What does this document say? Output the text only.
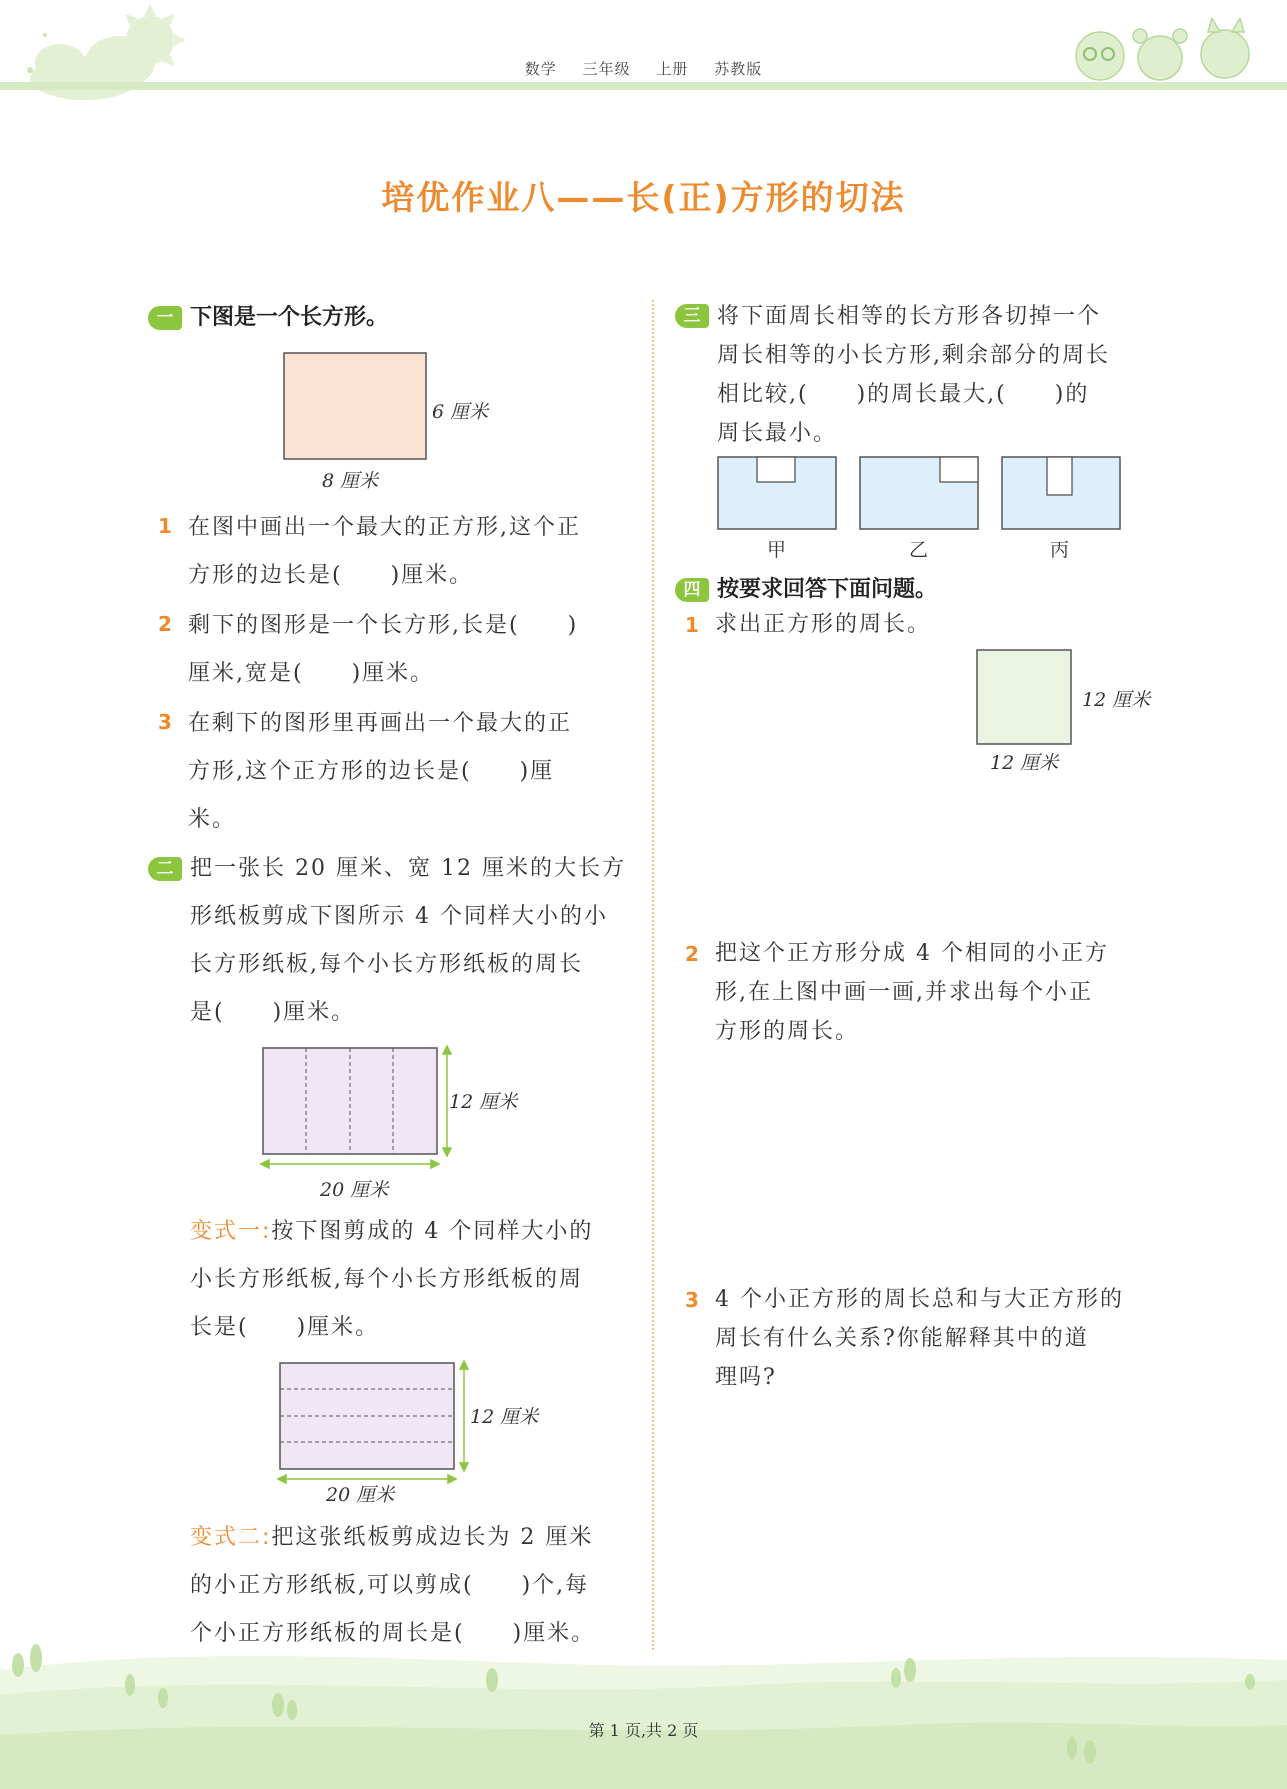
数学 三年级 上册 苏教版
培优作业八——长(正)方形的切法
一 下图是一个长方形。
6 厘米
8 厘米
1 在图中画出一个最大的正方形,这个正
方形的边长是(　　)厘米。
2 剩下的图形是一个长方形,长是(　　)
厘米,宽是(　　)厘米。
3 在剩下的图形里再画出一个最大的正
方形,这个正方形的边长是(　　)厘
米。
二 把一张长 20 厘米、宽 12 厘米的大长方
形纸板剪成下图所示 4 个同样大小的小
长方形纸板,每个小长方形纸板的周长
是(　　)厘米。
12 厘米
20 厘米
变式一:按下图剪成的 4 个同样大小的
小长方形纸板,每个小长方形纸板的周
长是(　　)厘米。
12 厘米
20 厘米
变式二:把这张纸板剪成边长为 2 厘米
的小正方形纸板,可以剪成(　　)个,每
个小正方形纸板的周长是(　　)厘米。
三 将下面周长相等的长方形各切掉一个
周长相等的小长方形,剩余部分的周长
相比较,(　　)的周长最大,(　　)的
周长最小。
甲	乙	丙
四 按要求回答下面问题。
1 求出正方形的周长。
12 厘米
12 厘米
2 把这个正方形分成 4 个相同的小正方
形,在上图中画一画,并求出每个小正
方形的周长。
3 4 个小正方形的周长总和与大正方形的
周长有什么关系?你能解释其中的道
理吗?
第 1 页,共 2 页
